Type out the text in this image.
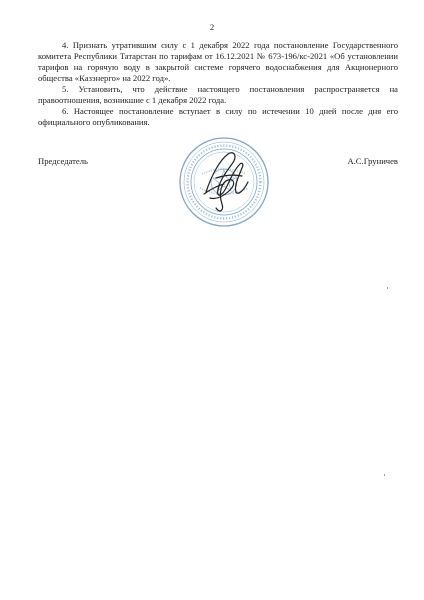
2

4. Признать утратившим силу с 1 декабря 2022 года постановление Государственного комитета Республики Татарстан по тарифам от 16.12.2021 № 673-196/кс-2021 «Об установлении тарифов на горячую воду в закрытой системе горячего водоснабжения для Акционерного общества «Казэнерго» на 2022 год».

5. Установить, что действие настоящего постановления распространяется на правоотношения, возникшие с 1 декабря 2022 года.

6. Настоящее постановление вступает в силу по истечении 10 дней после дня его официального опубликования.

Председатель	А.С.Груничев
